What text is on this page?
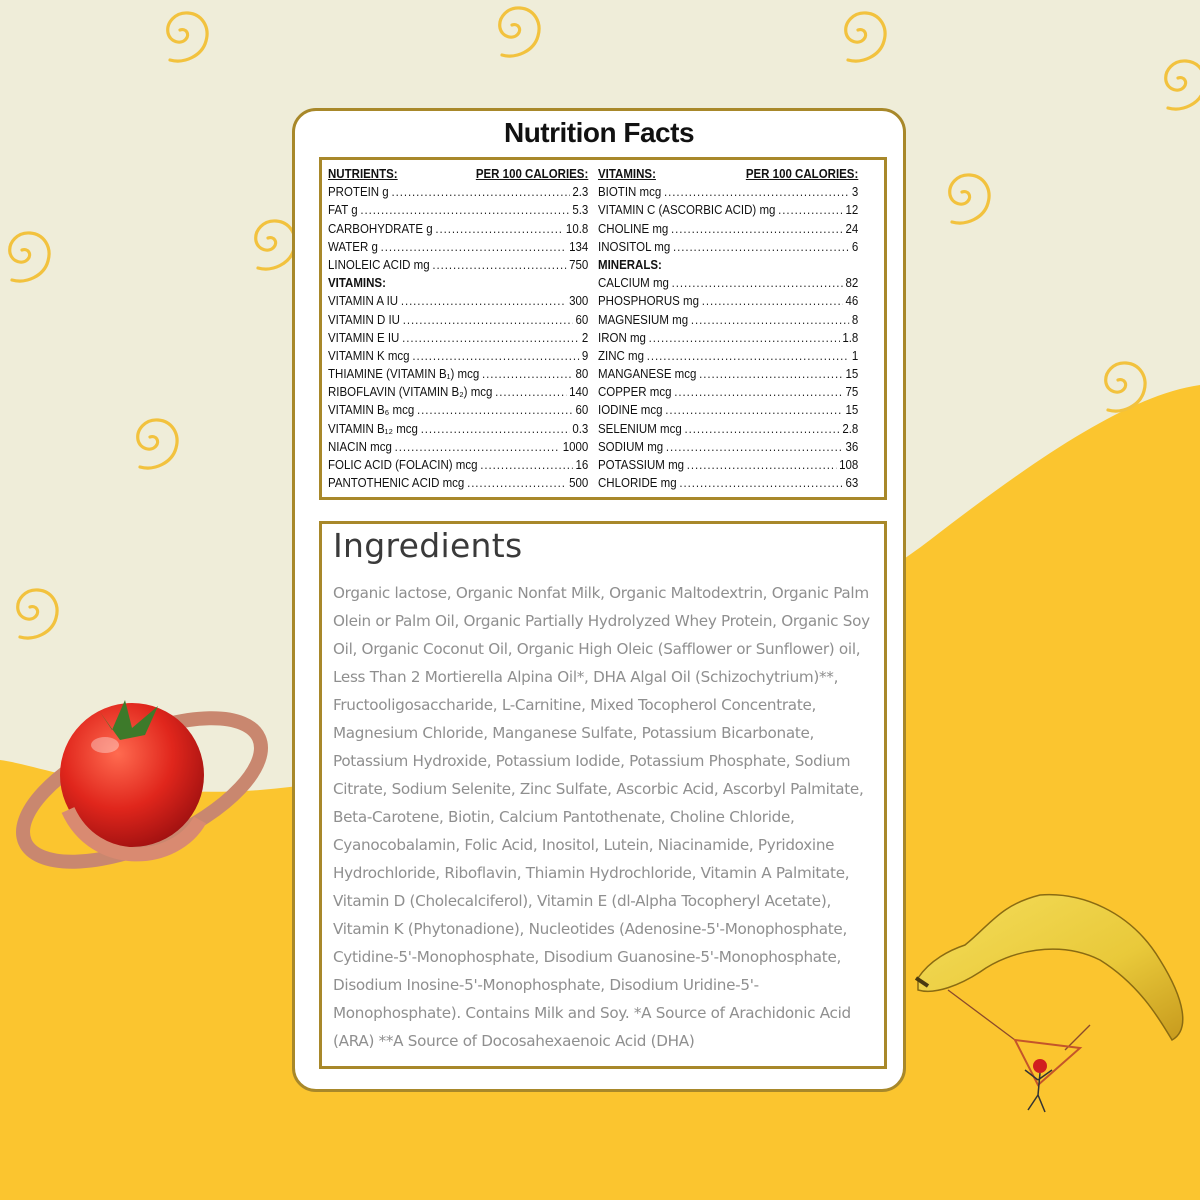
Nutrition Facts
NUTRIENTS:	PER 100 CALORIES:
PROTEIN g .....	2.3
FAT g .....	5.3
CARBOHYDRATE g .....	10.8
WATER g .....	134
LINOLEIC ACID mg .....	750
VITAMINS:
VITAMIN A IU .....	300
VITAMIN D IU .....	60
VITAMIN E IU .....	2
VITAMIN K mcg .....	9
THIAMINE (VITAMIN B₁) mcg .....	80
RIBOFLAVIN (VITAMIN B₂) mcg .....	140
VITAMIN B₆ mcg .....	60
VITAMIN B₁₂ mcg .....	0.3
NIACIN mcg .....	1000
FOLIC ACID (FOLACIN) mcg .....	16
PANTOTHENIC ACID mcg .....	500
VITAMINS:	PER 100 CALORIES:
BIOTIN mcg .....	3
VITAMIN C (ASCORBIC ACID) mg .....	12
CHOLINE mg .....	24
INOSITOL mg .....	6
MINERALS:
CALCIUM mg .....	82
PHOSPHORUS mg .....	46
MAGNESIUM mg .....	8
IRON mg .....	1.8
ZINC mg .....	1
MANGANESE mcg .....	15
COPPER mcg .....	75
IODINE mcg .....	15
SELENIUM mcg .....	2.8
SODIUM mg .....	36
POTASSIUM mg .....	108
CHLORIDE mg .....	63
Ingredients
Organic lactose, Organic Nonfat Milk, Organic Maltodextrin, Organic Palm Olein or Palm Oil, Organic Partially Hydrolyzed Whey Protein, Organic Soy Oil, Organic Coconut Oil, Organic High Oleic (Safflower or Sunflower) oil, Less Than 2 Mortierella Alpina Oil*, DHA Algal Oil (Schizochytrium)**, Fructooligosaccharide, L-Carnitine, Mixed Tocopherol Concentrate, Magnesium Chloride, Manganese Sulfate, Potassium Bicarbonate, Potassium Hydroxide, Potassium Iodide, Potassium Phosphate, Sodium Citrate, Sodium Selenite, Zinc Sulfate, Ascorbic Acid, Ascorbyl Palmitate, Beta-Carotene, Biotin, Calcium Pantothenate, Choline Chloride, Cyanocobalamin, Folic Acid, Inositol, Lutein, Niacinamide, Pyridoxine Hydrochloride, Riboflavin, Thiamin Hydrochloride, Vitamin A Palmitate, Vitamin D (Cholecalciferol), Vitamin E (dl-Alpha Tocopheryl Acetate), Vitamin K (Phytonadione), Nucleotides (Adenosine-5'-Monophosphate, Cytidine-5'-Monophosphate, Disodium Guanosine-5'-Monophosphate, Disodium Inosine-5'-Monophosphate, Disodium Uridine-5'-Monophosphate). Contains Milk and Soy. *A Source of Arachidonic Acid (ARA) **A Source of Docosahexaenoic Acid (DHA)
